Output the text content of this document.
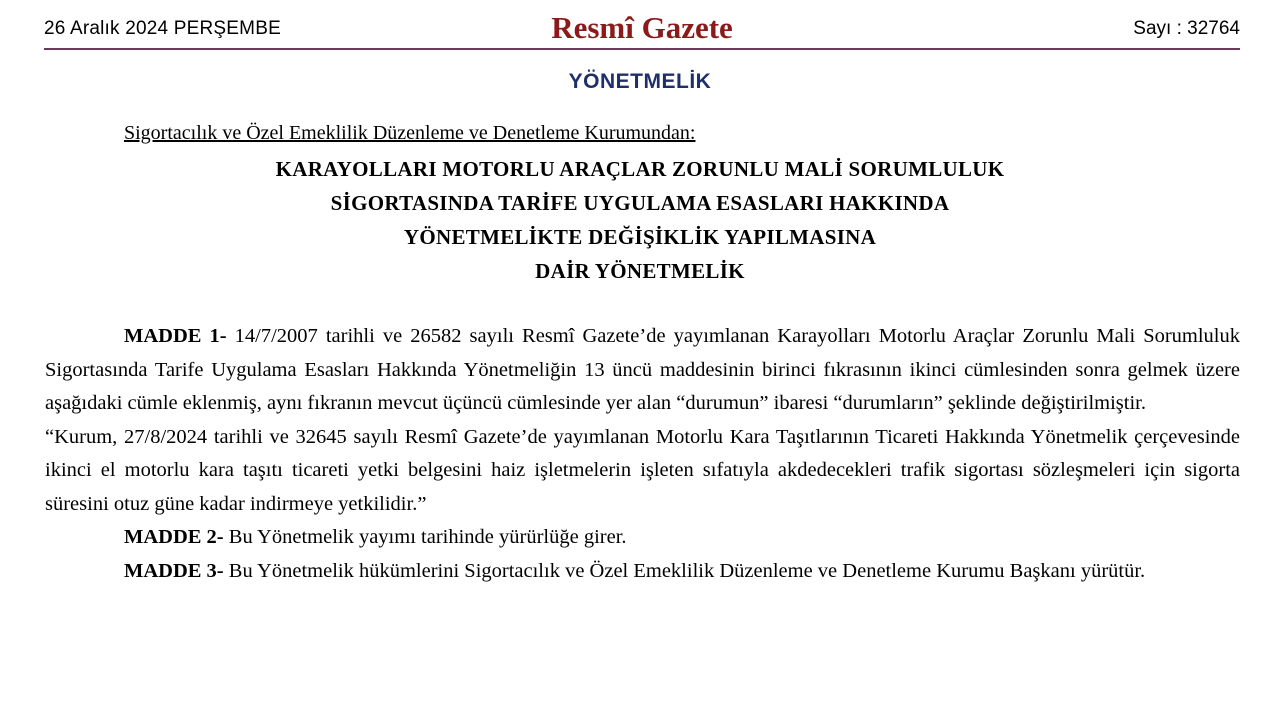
26 Aralık 2024 PERŞEMBE	Resmî Gazete	Sayı : 32764
YÖNETMELİK
Sigortacılık ve Özel Emeklilik Düzenleme ve Denetleme Kurumundan:
KARAYOLLARI MOTORLU ARAÇLAR ZORUNLU MALİ SORUMLULUK
SİGORTASINDA TARİFE UYGULAMA ESASLARI HAKKINDA
YÖNETMELİKTE DEĞİŞİKLİK YAPILMASINA
DAİR YÖNETMELİK

MADDE 1- 14/7/2007 tarihli ve 26582 sayılı Resmî Gazete’de yayımlanan Karayolları Motorlu Araçlar Zorunlu Mali Sorumluluk Sigortasında Tarife Uygulama Esasları Hakkında Yönetmeliğin 13 üncü maddesinin birinci fıkrasının ikinci cümlesinden sonra gelmek üzere aşağıdaki cümle eklenmiş, aynı fıkranın mevcut üçüncü cümlesinde yer alan “durumun” ibaresi “durumların” şeklinde değiştirilmiştir.

“Kurum, 27/8/2024 tarihli ve 32645 sayılı Resmî Gazete’de yayımlanan Motorlu Kara Taşıtlarının Ticareti Hakkında Yönetmelik çerçevesinde ikinci el motorlu kara taşıtı ticareti yetki belgesini haiz işletmelerin işleten sıfatıyla akdedecekleri trafik sigortası sözleşmeleri için sigorta süresini otuz güne kadar indirmeye yetkilidir.”

MADDE 2- Bu Yönetmelik yayımı tarihinde yürürlüğe girer.

MADDE 3- Bu Yönetmelik hükümlerini Sigortacılık ve Özel Emeklilik Düzenleme ve Denetleme Kurumu Başkanı yürütür.
